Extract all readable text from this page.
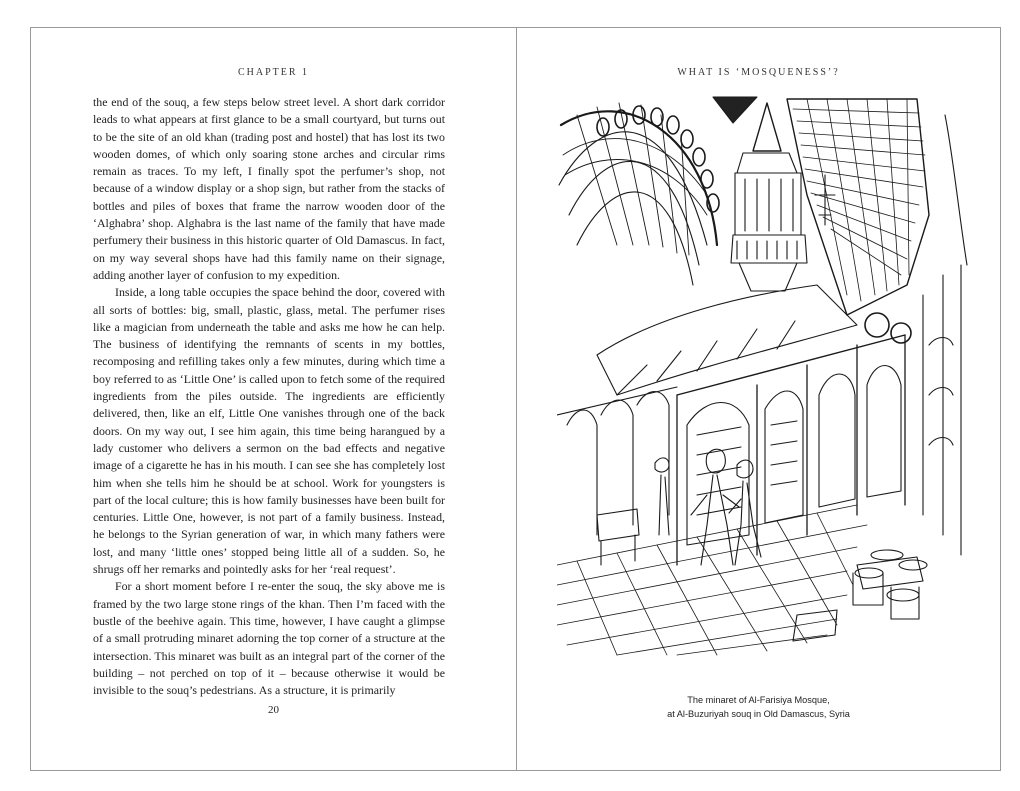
CHAPTER 1

the end of the souq, a few steps below street level. A short dark corridor leads to what appears at first glance to be a small courtyard, but turns out to be the site of an old khan (trading post and hostel) that has lost its two wooden domes, of which only soaring stone arches and circular rims remain as traces. To my left, I finally spot the perfumer’s shop, not because of a window display or a shop sign, but rather from the stacks of bottles and piles of boxes that frame the narrow wooden door of the ‘Alghabra’ shop. Alghabra is the last name of the family that have made perfumery their business in this historic quarter of Old Damascus. In fact, on my way several shops have had this family name on their signage, adding another layer of confusion to my expedition.

Inside, a long table occupies the space behind the door, covered with all sorts of bottles: big, small, plastic, glass, metal. The perfumer rises like a magician from underneath the table and asks me how he can help. The business of identifying the remnants of scents in my bottles, recomposing and refilling takes only a few minutes, during which time a boy referred to as ‘Little One’ is called upon to fetch some of the required ingredients from the piles outside. The ingredients are efficiently delivered, then, like an elf, Little One vanishes through one of the back doors. On my way out, I see him again, this time being harangued by a lady customer who delivers a sermon on the bad effects and negative image of a cigarette he has in his mouth. I can see she has completely lost him when she tells him he should be at school. Work for youngsters is part of the local culture; this is how family businesses have been built for centuries. Little One, however, is not part of a family business. Instead, he belongs to the Syrian generation of war, in which many fathers were lost, and many ‘little ones’ stopped being little all of a sudden. So, he shrugs off her remarks and pointedly asks for her ‘real request’.

For a short moment before I re-enter the souq, the sky above me is framed by the two large stone rings of the khan. Then I’m faced with the bustle of the beehive again. This time, however, I have caught a glimpse of a small protruding minaret adorning the top corner of a structure at the intersection. This minaret was built as an integral part of the corner of the building – not perched on top of it – because otherwise it would be invisible to the souq’s pedestrians. As a structure, it is primarily

20
WHAT IS ‘MOSQUENESS’?
The minaret of Al-Farisiya Mosque,
at Al-Buzuriyah souq in Old Damascus, Syria
